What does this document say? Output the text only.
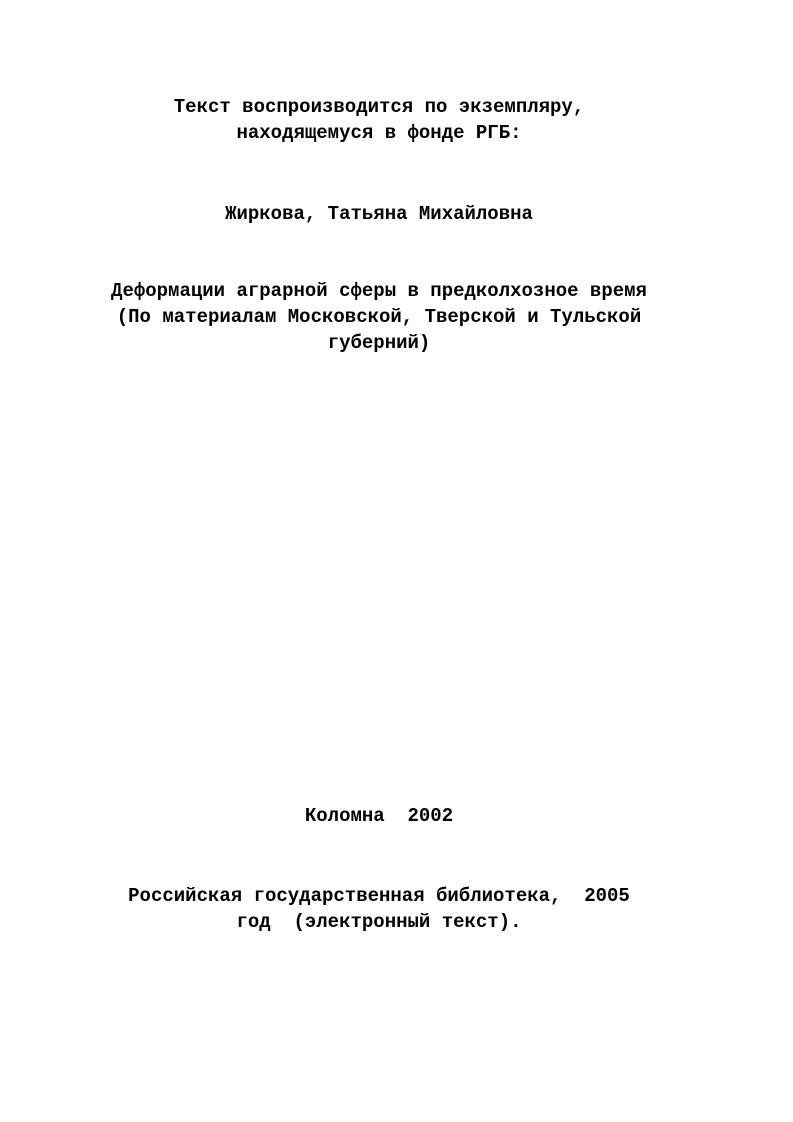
Текст воспроизводится по экземпляру,
находящемуся в фонде РГБ:
Жиркова, Татьяна Михайловна
Деформации аграрной сферы в предколхозное время
(По материалам Московской, Тверской и Тульской
губерний)
Коломна  2002
Российская государственная библиотека,  2005
год  (электронный текст).
